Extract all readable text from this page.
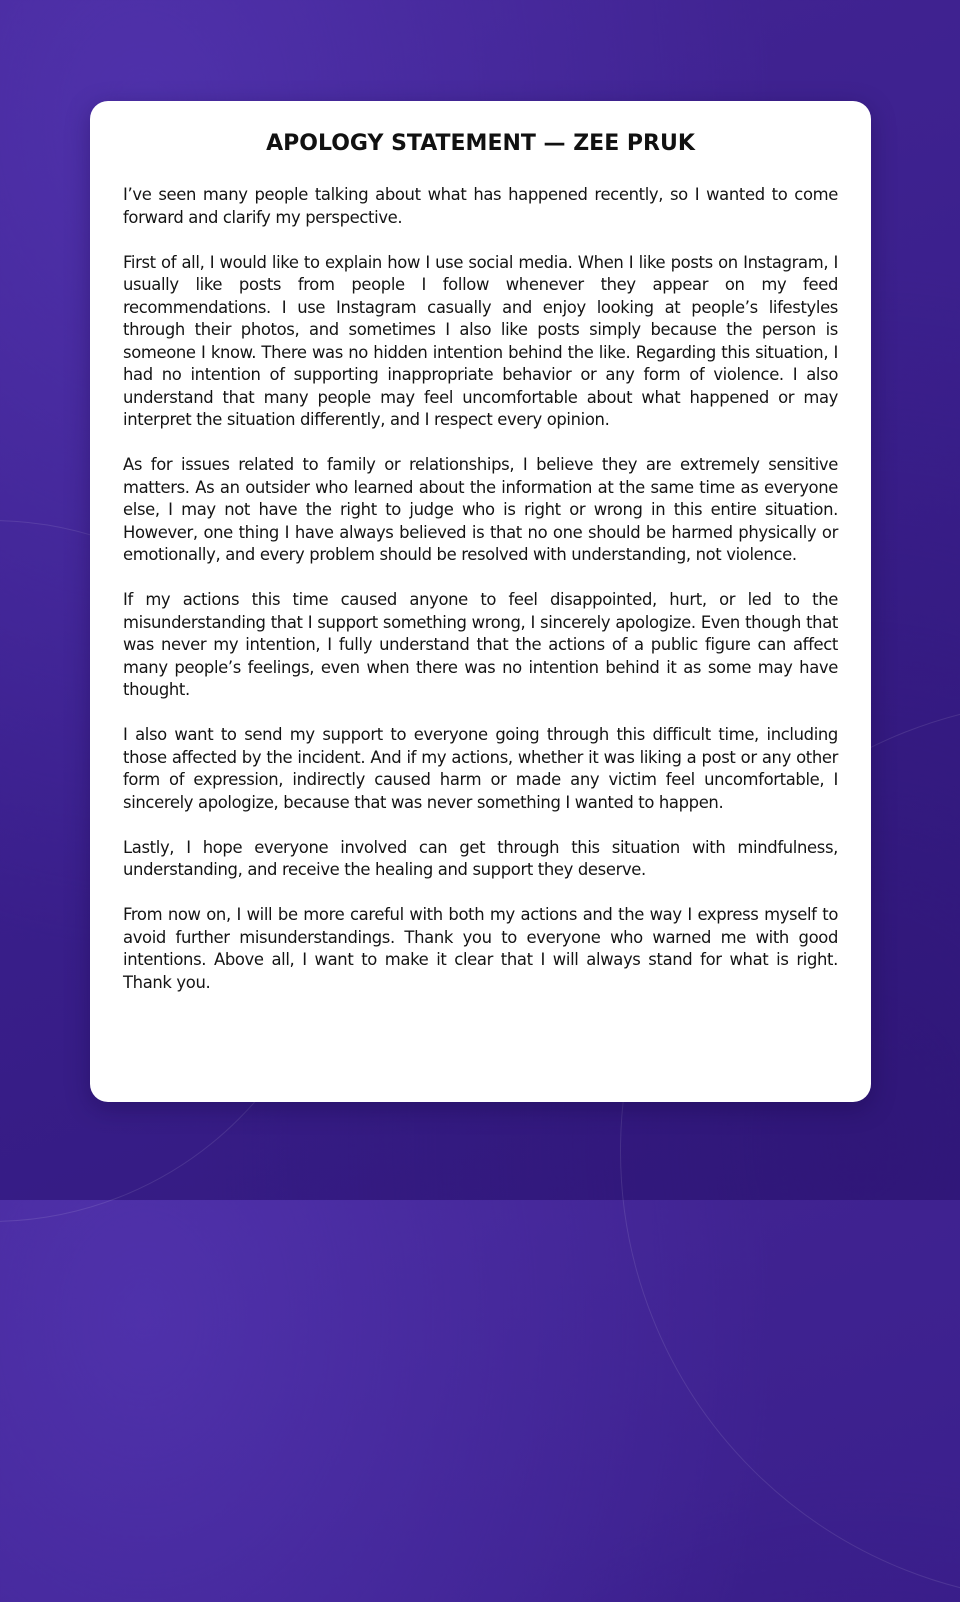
APOLOGY STATEMENT — ZEE PRUK

I’ve seen many people talking about what has happened recently, so I wanted to come forward and clarify my perspective.

First of all, I would like to explain how I use social media. When I like posts on Instagram, I usually like posts from people I follow whenever they appear on my feed recommendations. I use Instagram casually and enjoy looking at people’s lifestyles through their photos, and sometimes I also like posts simply because the person is someone I know. There was no hidden intention behind the like. Regarding this situation, I had no intention of supporting inappropriate behavior or any form of violence. I also understand that many people may feel uncomfortable about what happened or may interpret the situation differently, and I respect every opinion.

As for issues related to family or relationships, I believe they are extremely sensitive matters. As an outsider who learned about the information at the same time as everyone else, I may not have the right to judge who is right or wrong in this entire situation. However, one thing I have always believed is that no one should be harmed physically or emotionally, and every problem should be resolved with understanding, not violence.

If my actions this time caused anyone to feel disappointed, hurt, or led to the misunderstanding that I support something wrong, I sincerely apologize. Even though that was never my intention, I fully understand that the actions of a public figure can affect many people’s feelings, even when there was no intention behind it as some may have thought.

I also want to send my support to everyone going through this difficult time, including those affected by the incident. And if my actions, whether it was liking a post or any other form of expression, indirectly caused harm or made any victim feel uncomfortable, I sincerely apologize, because that was never something I wanted to happen.

Lastly, I hope everyone involved can get through this situation with mindfulness, understanding, and receive the healing and support they deserve.

From now on, I will be more careful with both my actions and the way I express myself to avoid further misunderstandings. Thank you to everyone who warned me with good intentions. Above all, I want to make it clear that I will always stand for what is right. Thank you.
